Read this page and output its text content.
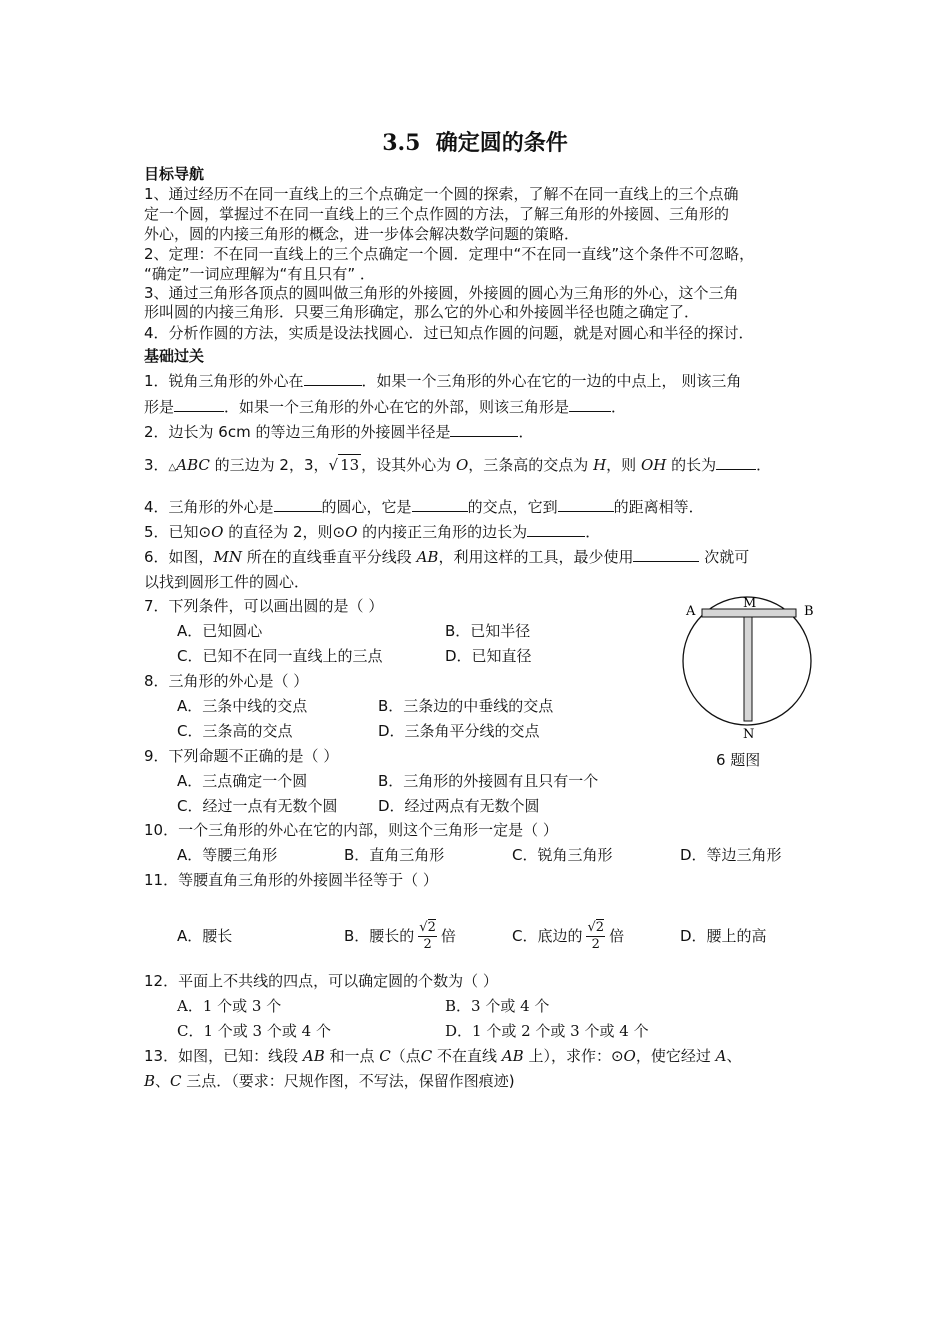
3.5 确定圆的条件
目标导航
1、通过经历不在同一直线上的三个点确定一个圆的探索，了解不在同一直线上的三个点确
定一个圆，掌握过不在同一直线上的三个点作圆的方法，了解三角形的外接圆、三角形的
外心，圆的内接三角形的概念，进一步体会解决数学问题的策略．
2、定理：不在同一直线上的三个点确定一个圆．定理中“不在同一直线”这个条件不可忽略，
“确定”一词应理解为“有且只有” ．
3、通过三角形各顶点的圆叫做三角形的外接圆，外接圆的圆心为三角形的外心，这个三角
形叫圆的内接三角形．只要三角形确定，那么它的外心和外接圆半径也随之确定了．
4．分析作圆的方法，实质是设法找圆心．过已知点作圆的问题，就是对圆心和半径的探讨．
基础过关
1．锐角三角形的外心在	．如果一个三角形的外心在它的一边的中点上， 则该三角
形是	．如果一个三角形的外心在它的外部，则该三角形是	．
2．边长为 6cm 的等边三角形的外接圆半径是	．
3．△ABC 的三边为 2，3，√ 13 ，设其外心为 O，三条高的交点为 H，则 OH 的长为	．
4．三角形的外心是	的圆心，它是	的交点，它到	的距离相等．
5．已知⊙O 的直径为 2，则⊙O 的内接正三角形的边长为	．
6．如图，MN 所在的直线垂直平分线段 AB，利用这样的工具，最少使用	次就可
以找到圆形工件的圆心．
7．下列条件，可以画出圆的是（ ）
A．已知圆心	B．已知半径
C．已知不在同一直线上的三点	D．已知直径
8．三角形的外心是（ ）
A．三条中线的交点	B．三条边的中垂线的交点
C．三条高的交点	D．三条角平分线的交点
9．下列命题不正确的是（ ）
A．三点确定一个圆	B．三角形的外接圆有且只有一个
C．经过一点有无数个圆	D．经过两点有无数个圆
10．一个三角形的外心在它的内部，则这个三角形一定是（ ）
A．等腰三角形	B．直角三角形	C．锐角三角形	D．等边三角形
11．等腰直角三角形的外接圆半径等于（ ）
A．腰长	B．腰长的 $\frac{√2}{2}$ 倍	C．底边的 $\frac{√2}{2}$ 倍	D．腰上的高
12．平面上不共线的四点，可以确定圆的个数为（ ）
A．1 个或 3 个	B．3 个或 4 个
C．1 个或 3 个或 4 个	D．1 个或 2 个或 3 个或 4 个
13．如图，已知：线段 AB 和一点 C（点C 不在直线 AB 上），求作：⊙O，使它经过 A、
B、C 三点．（要求：尺规作图，不写法，保留作图痕迹)
A
M
B
N
6 题图
